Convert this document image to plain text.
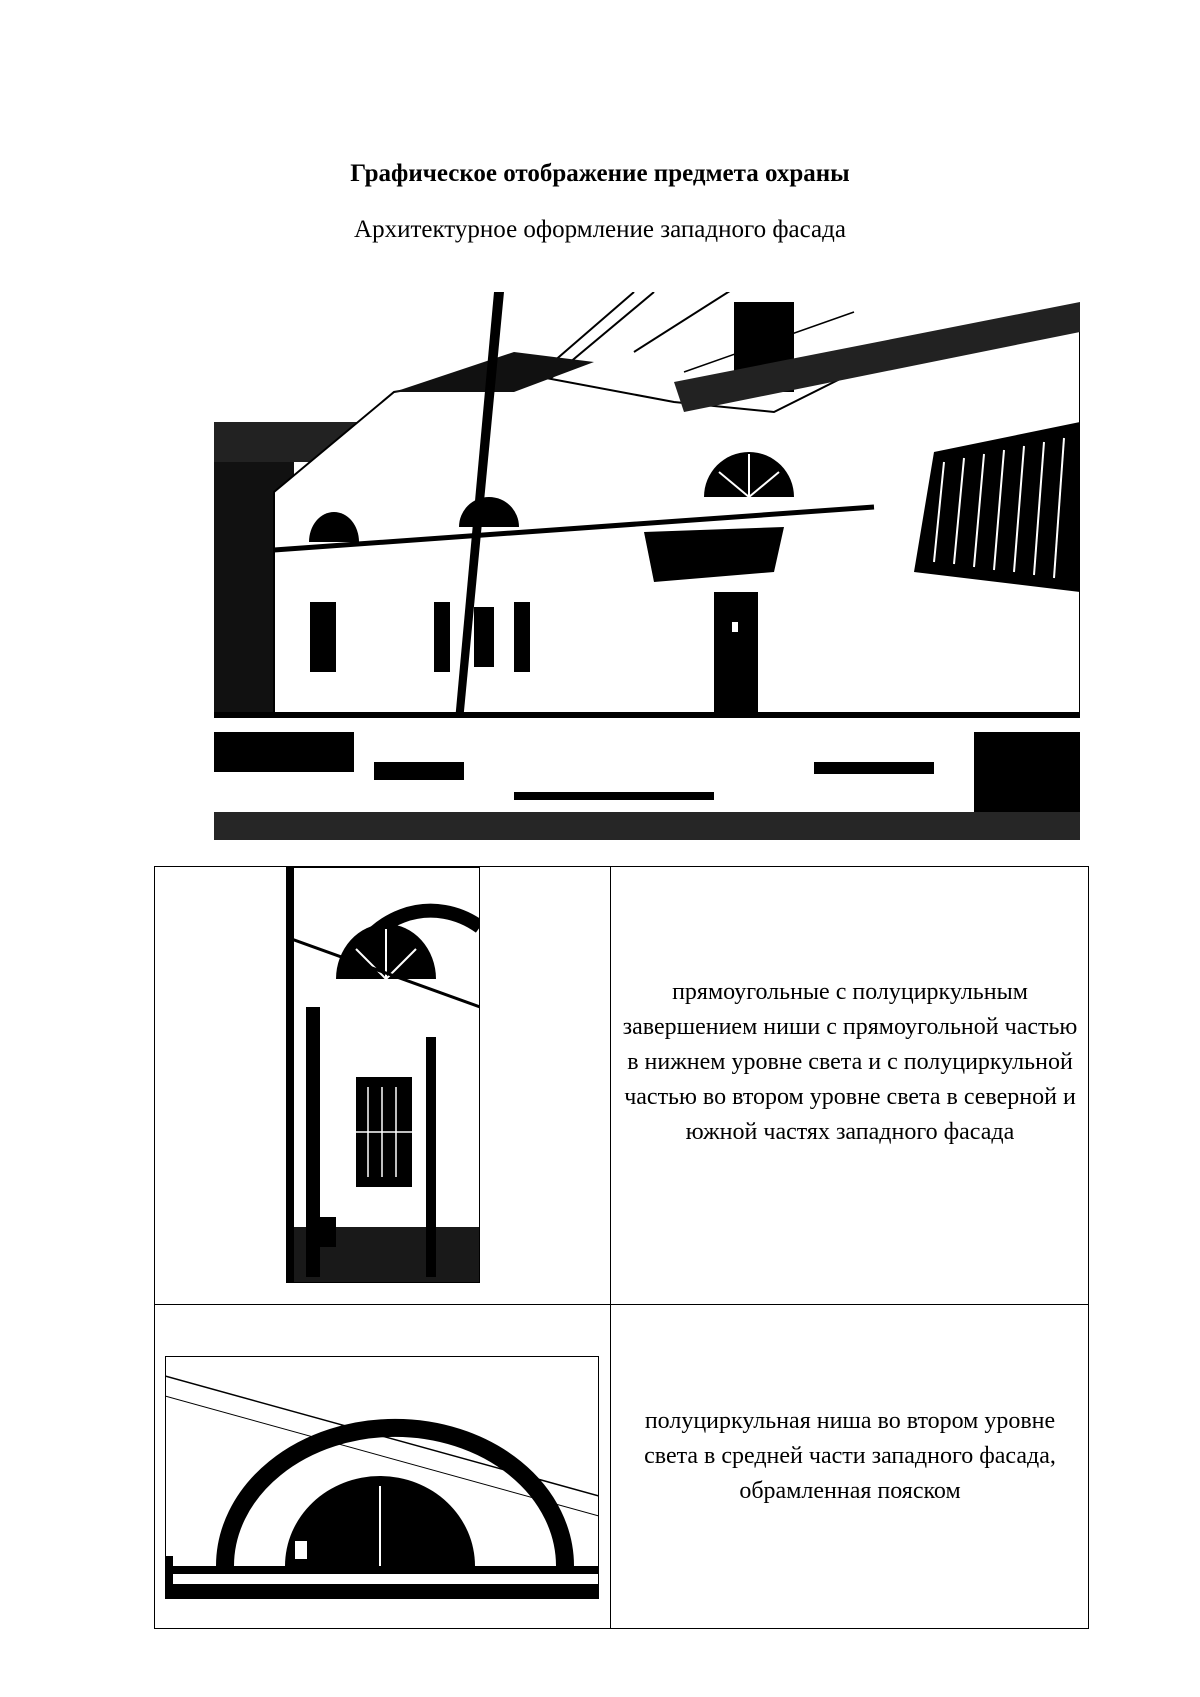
Графическое отображение предмета охраны
Архитектурное оформление западного фасада
прямоугольные с полуциркульным завершением ниши с прямоугольной частью в нижнем уровне света и с полуциркульной частью во втором уровне света в северной и южной частях западного фасада
полуциркульная ниша во втором уровне света в средней части западного фасада, обрамленная пояском
